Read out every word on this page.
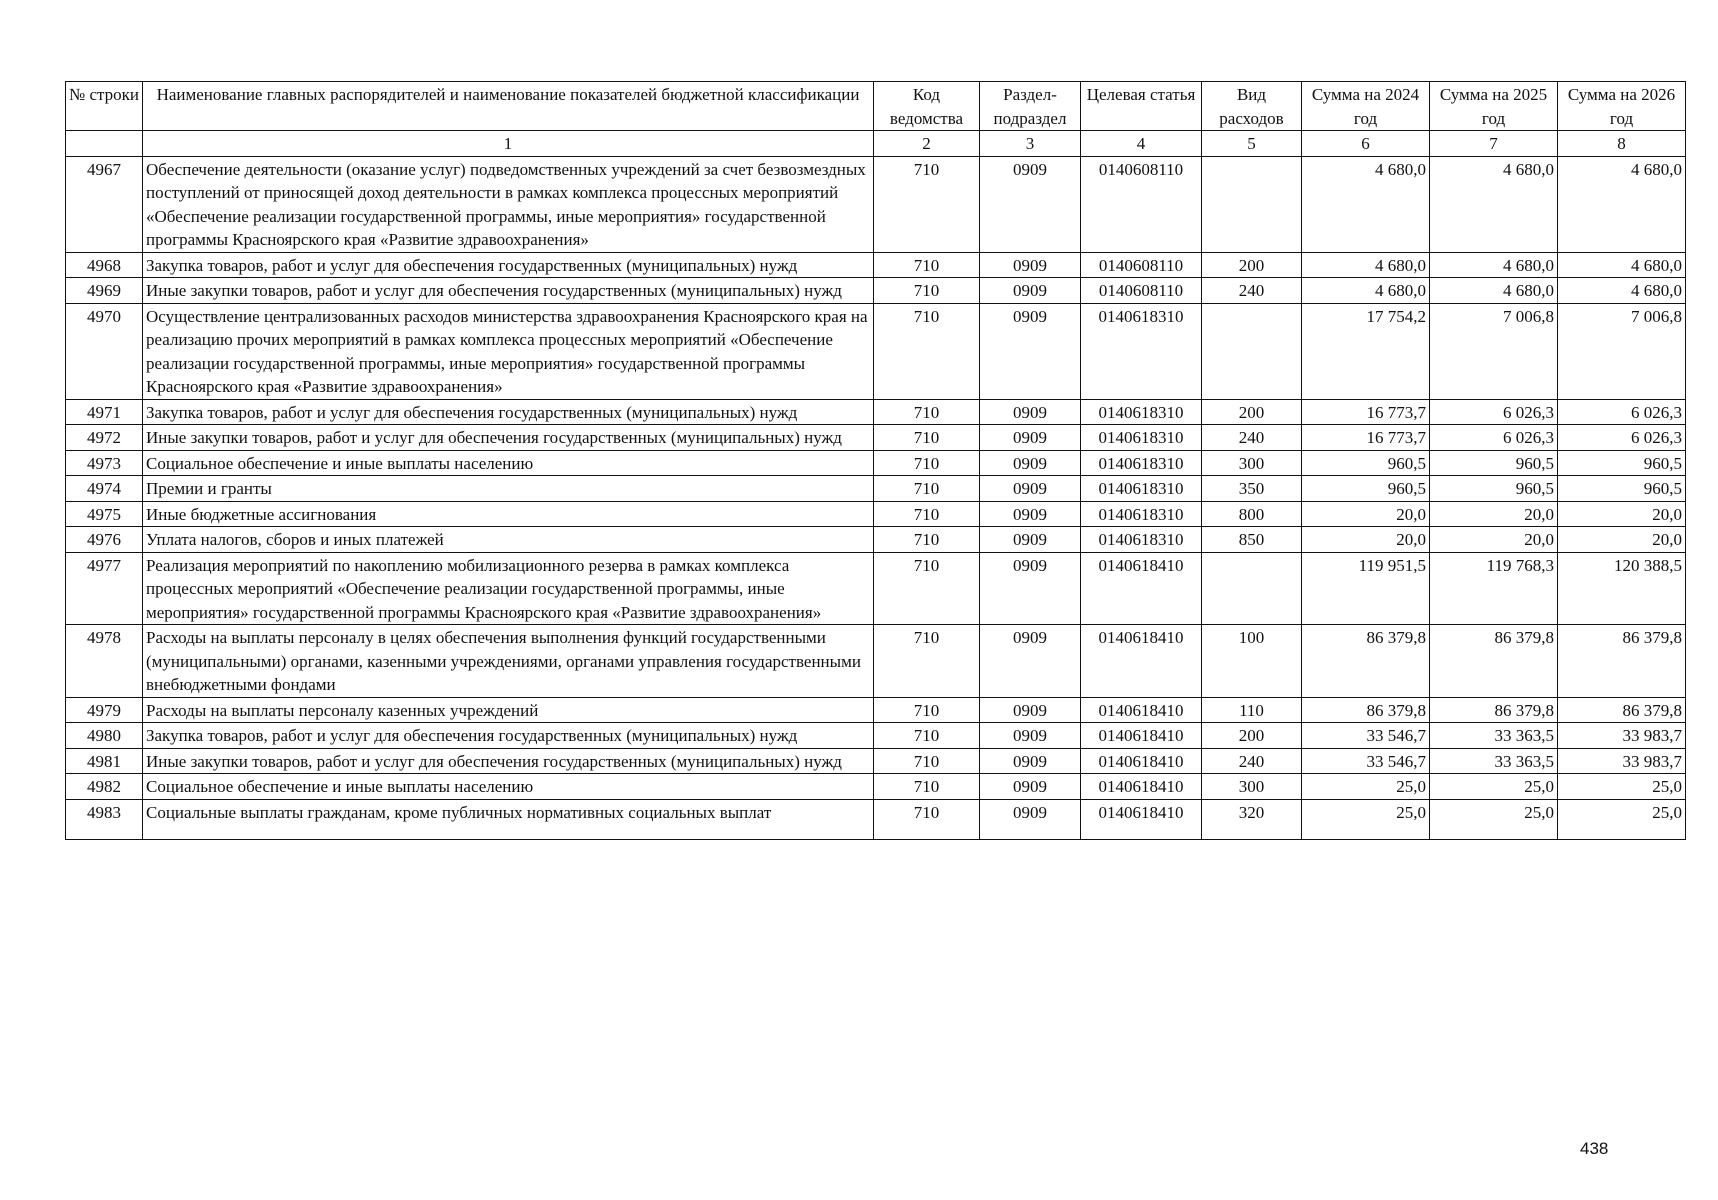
№ строки	Наименование главных распорядителей и наименование показателей бюджетной классификации	Код ведомства	Раздел-подраздел	Целевая статья	Вид расходов	Сумма на 2024 год	Сумма на 2025 год	Сумма на 2026 год
	1	2	3	4	5	6	7	8
4967	Обеспечение деятельности (оказание услуг) подведомственных учреждений за счет безвозмездных поступлений от приносящей доход деятельности в рамках комплекса процессных мероприятий «Обеспечение реализации государственной программы, иные мероприятия» государственной программы Красноярского края «Развитие здравоохранения»	710	0909	0140608110		4 680,0	4 680,0	4 680,0
4968	Закупка товаров, работ и услуг для обеспечения государственных (муниципальных) нужд	710	0909	0140608110	200	4 680,0	4 680,0	4 680,0
4969	Иные закупки товаров, работ и услуг для обеспечения государственных (муниципальных) нужд	710	0909	0140608110	240	4 680,0	4 680,0	4 680,0
4970	Осуществление централизованных расходов министерства здравоохранения Красноярского края на реализацию прочих мероприятий в рамках комплекса процессных мероприятий «Обеспечение реализации государственной программы, иные мероприятия» государственной программы Красноярского края «Развитие здравоохранения»	710	0909	0140618310		17 754,2	7 006,8	7 006,8
4971	Закупка товаров, работ и услуг для обеспечения государственных (муниципальных) нужд	710	0909	0140618310	200	16 773,7	6 026,3	6 026,3
4972	Иные закупки товаров, работ и услуг для обеспечения государственных (муниципальных) нужд	710	0909	0140618310	240	16 773,7	6 026,3	6 026,3
4973	Социальное обеспечение и иные выплаты населению	710	0909	0140618310	300	960,5	960,5	960,5
4974	Премии и гранты	710	0909	0140618310	350	960,5	960,5	960,5
4975	Иные бюджетные ассигнования	710	0909	0140618310	800	20,0	20,0	20,0
4976	Уплата налогов, сборов и иных платежей	710	0909	0140618310	850	20,0	20,0	20,0
4977	Реализация мероприятий по накоплению мобилизационного резерва в рамках комплекса процессных мероприятий «Обеспечение реализации государственной программы, иные мероприятия» государственной программы Красноярского края «Развитие здравоохранения»	710	0909	0140618410		119 951,5	119 768,3	120 388,5
4978	Расходы на выплаты персоналу в целях обеспечения выполнения функций государственными (муниципальными) органами, казенными учреждениями, органами управления государственными внебюджетными фондами	710	0909	0140618410	100	86 379,8	86 379,8	86 379,8
4979	Расходы на выплаты персоналу казенных учреждений	710	0909	0140618410	110	86 379,8	86 379,8	86 379,8
4980	Закупка товаров, работ и услуг для обеспечения государственных (муниципальных) нужд	710	0909	0140618410	200	33 546,7	33 363,5	33 983,7
4981	Иные закупки товаров, работ и услуг для обеспечения государственных (муниципальных) нужд	710	0909	0140618410	240	33 546,7	33 363,5	33 983,7
4982	Социальное обеспечение и иные выплаты населению	710	0909	0140618410	300	25,0	25,0	25,0
4983	Социальные выплаты гражданам, кроме публичных нормативных социальных выплат	710	0909	0140618410	320	25,0	25,0	25,0
438
